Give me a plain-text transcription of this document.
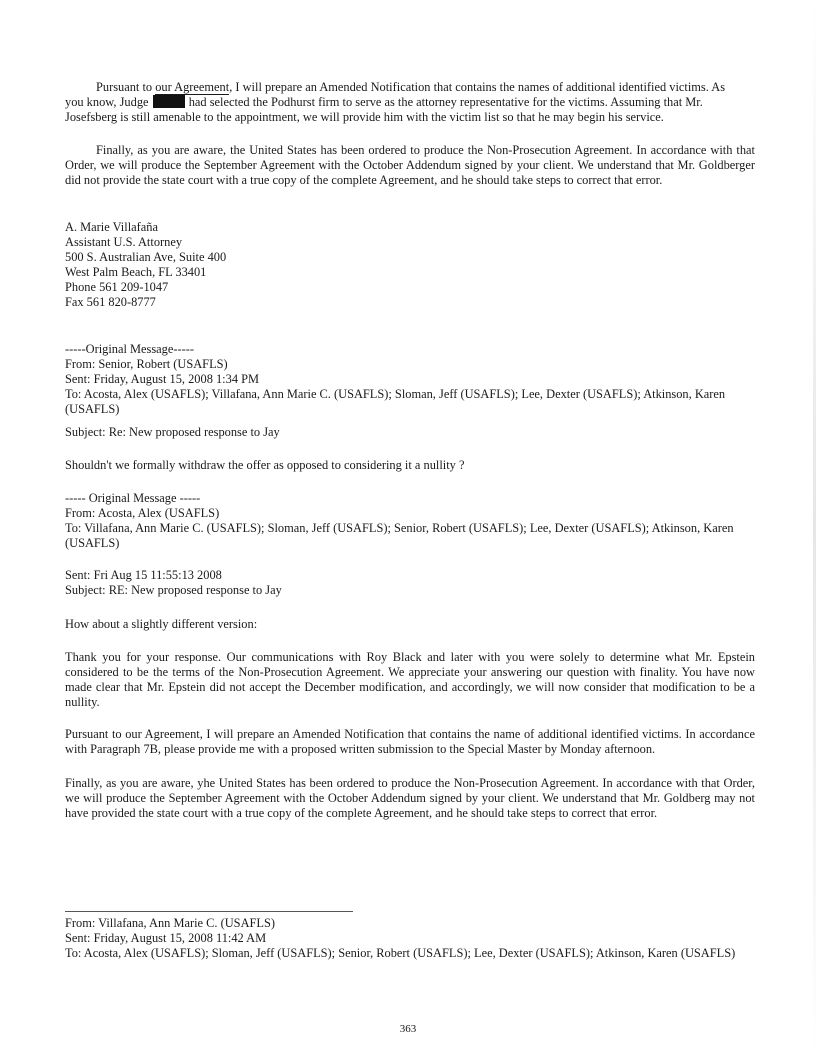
Pursuant to our Agreement, I will prepare an Amended Notification that contains the names of additional identified victims. As
you know, Judge	had selected the Podhurst firm to serve as the attorney representative for the victims. Assuming that Mr.
Josefsberg is still amenable to the appointment, we will provide him with the victim list so that he may begin his service.

Finally, as you are aware, the United States has been ordered to produce the Non-Prosecution Agreement. In accordance with that Order, we will produce the September Agreement with the October Addendum signed by your client. We understand that Mr. Goldberger did not provide the state court with a true copy of the complete Agreement, and he should take steps to correct that error.

A. Marie Villafaña
Assistant U.S. Attorney
500 S. Australian Ave, Suite 400
West Palm Beach, FL 33401
Phone 561 209-1047
Fax 561 820-8777
-----Original Message-----
From: Senior, Robert (USAFLS)
Sent: Friday, August 15, 2008 1:34 PM
To: Acosta, Alex (USAFLS); Villafana, Ann Marie C. (USAFLS); Sloman, Jeff (USAFLS); Lee, Dexter (USAFLS); Atkinson, Karen (USAFLS)

Subject: Re: New proposed response to Jay

Shouldn't we formally withdraw the offer as opposed to considering it a nullity ?

----- Original Message -----
From: Acosta, Alex (USAFLS)
To: Villafana, Ann Marie C. (USAFLS); Sloman, Jeff (USAFLS); Senior, Robert (USAFLS); Lee, Dexter (USAFLS); Atkinson, Karen (USAFLS)
Sent: Fri Aug 15 11:55:13 2008
Subject: RE: New proposed response to Jay

How about a slightly different version:

Thank you for your response. Our communications with Roy Black and later with you were solely to determine what Mr. Epstein considered to be the terms of the Non-Prosecution Agreement. We appreciate your answering our question with finality. You have now made clear that Mr. Epstein did not accept the December modification, and accordingly, we will now consider that modification to be a nullity.

Pursuant to our Agreement, I will prepare an Amended Notification that contains the name of additional identified victims. In accordance with Paragraph 7B, please provide me with a proposed written submission to the Special Master by Monday afternoon.

Finally, as you are aware, yhe United States has been ordered to produce the Non-Prosecution Agreement. In accordance with that Order, we will produce the September Agreement with the October Addendum signed by your client. We understand that Mr. Goldberg may not have provided the state court with a true copy of the complete Agreement, and he should take steps to correct that error.

From: Villafana, Ann Marie C. (USAFLS)
Sent: Friday, August 15, 2008 11:42 AM
To: Acosta, Alex (USAFLS); Sloman, Jeff (USAFLS); Senior, Robert (USAFLS); Lee, Dexter (USAFLS); Atkinson, Karen (USAFLS)
363
